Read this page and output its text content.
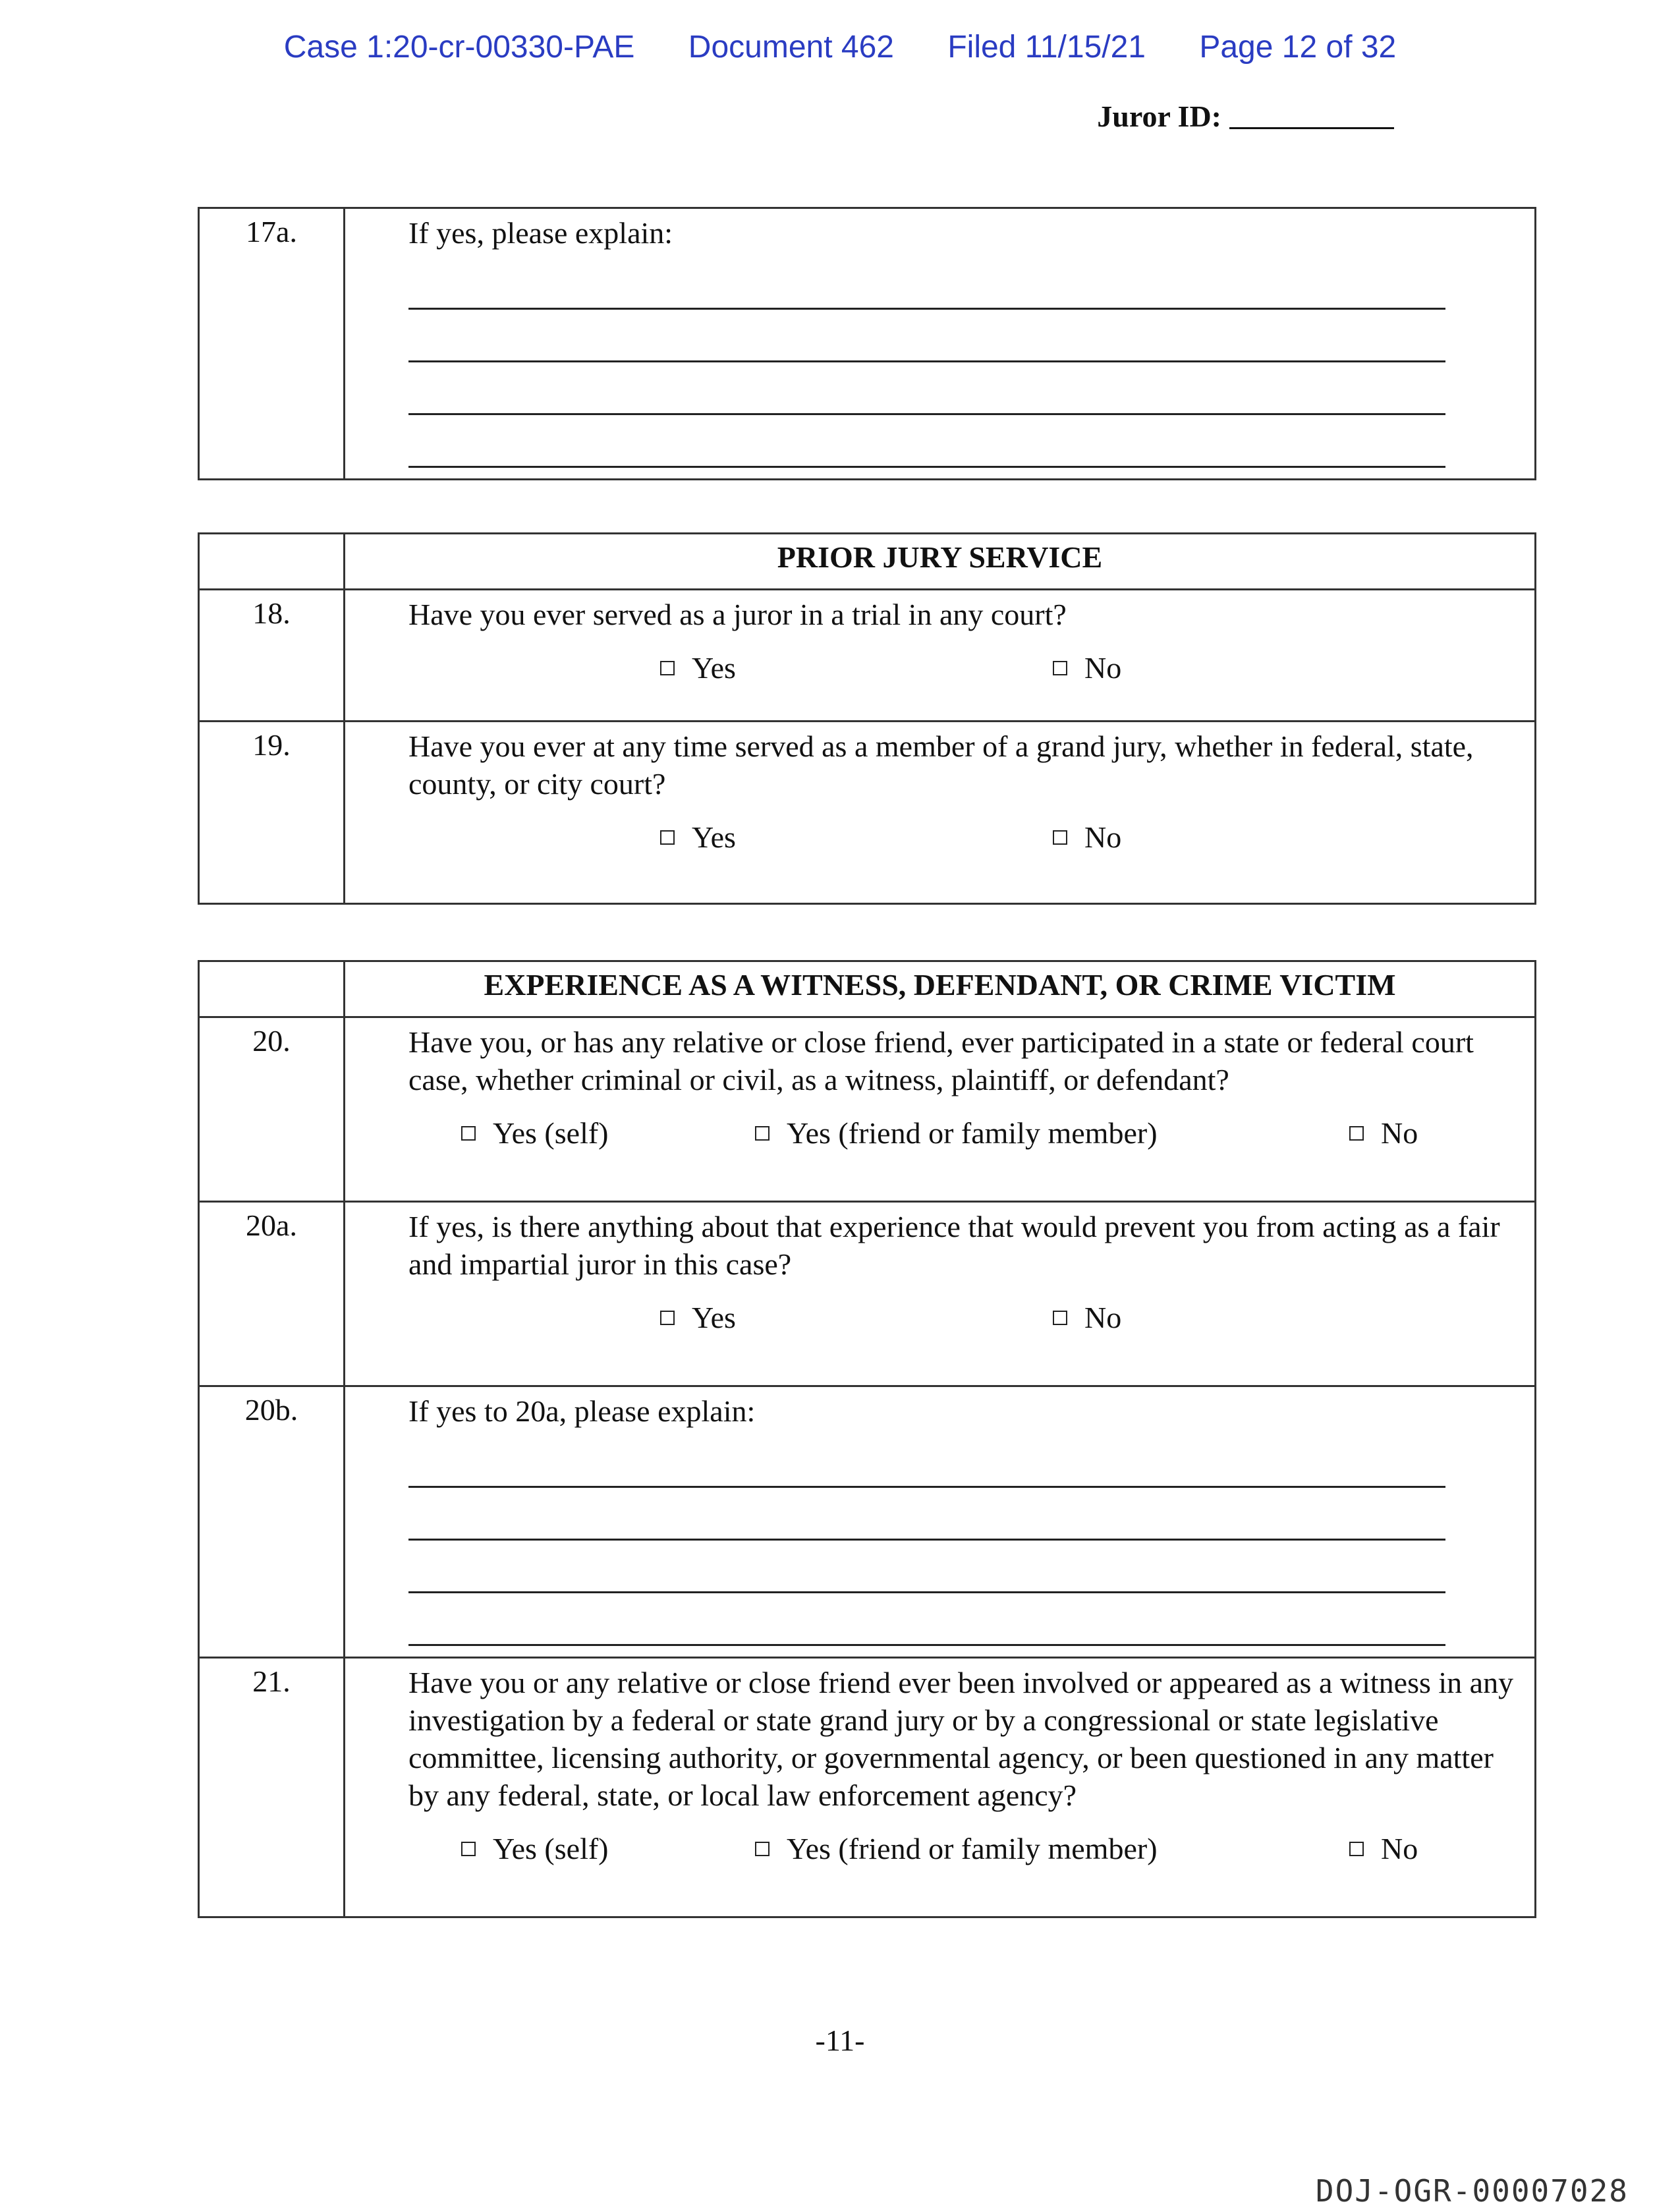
Case 1:20-cr-00330-PAE Document 462 Filed 11/15/21 Page 12 of 32
Juror ID:
17a.	If yes, please explain:
	PRIOR JURY SERVICE
18.	Have you ever served as a juror in a trial in any court?
Yes No

19.	Have you ever at any time served as a member of a grand jury, whether in federal, state, county, or city court?
Yes No
	EXPERIENCE AS A WITNESS, DEFENDANT, OR CRIME VICTIM
20.	Have you, or has any relative or close friend, ever participated in a state or federal court case, whether criminal or civil, as a witness, plaintiff, or defendant?
Yes (self) Yes (friend or family member) No

20a.	If yes, is there anything about that experience that would prevent you from acting as a fair and impartial juror in this case?
Yes No

20b.	If yes to 20a, please explain:

21.	Have you or any relative or close friend ever been involved or appeared as a witness in any investigation by a federal or state grand jury or by a congressional or state legislative committee, licensing authority, or governmental agency, or been questioned in any matter by any federal, state, or local law enforcement agency?
Yes (self) Yes (friend or family member) No
-11-
DOJ-OGR-00007028
